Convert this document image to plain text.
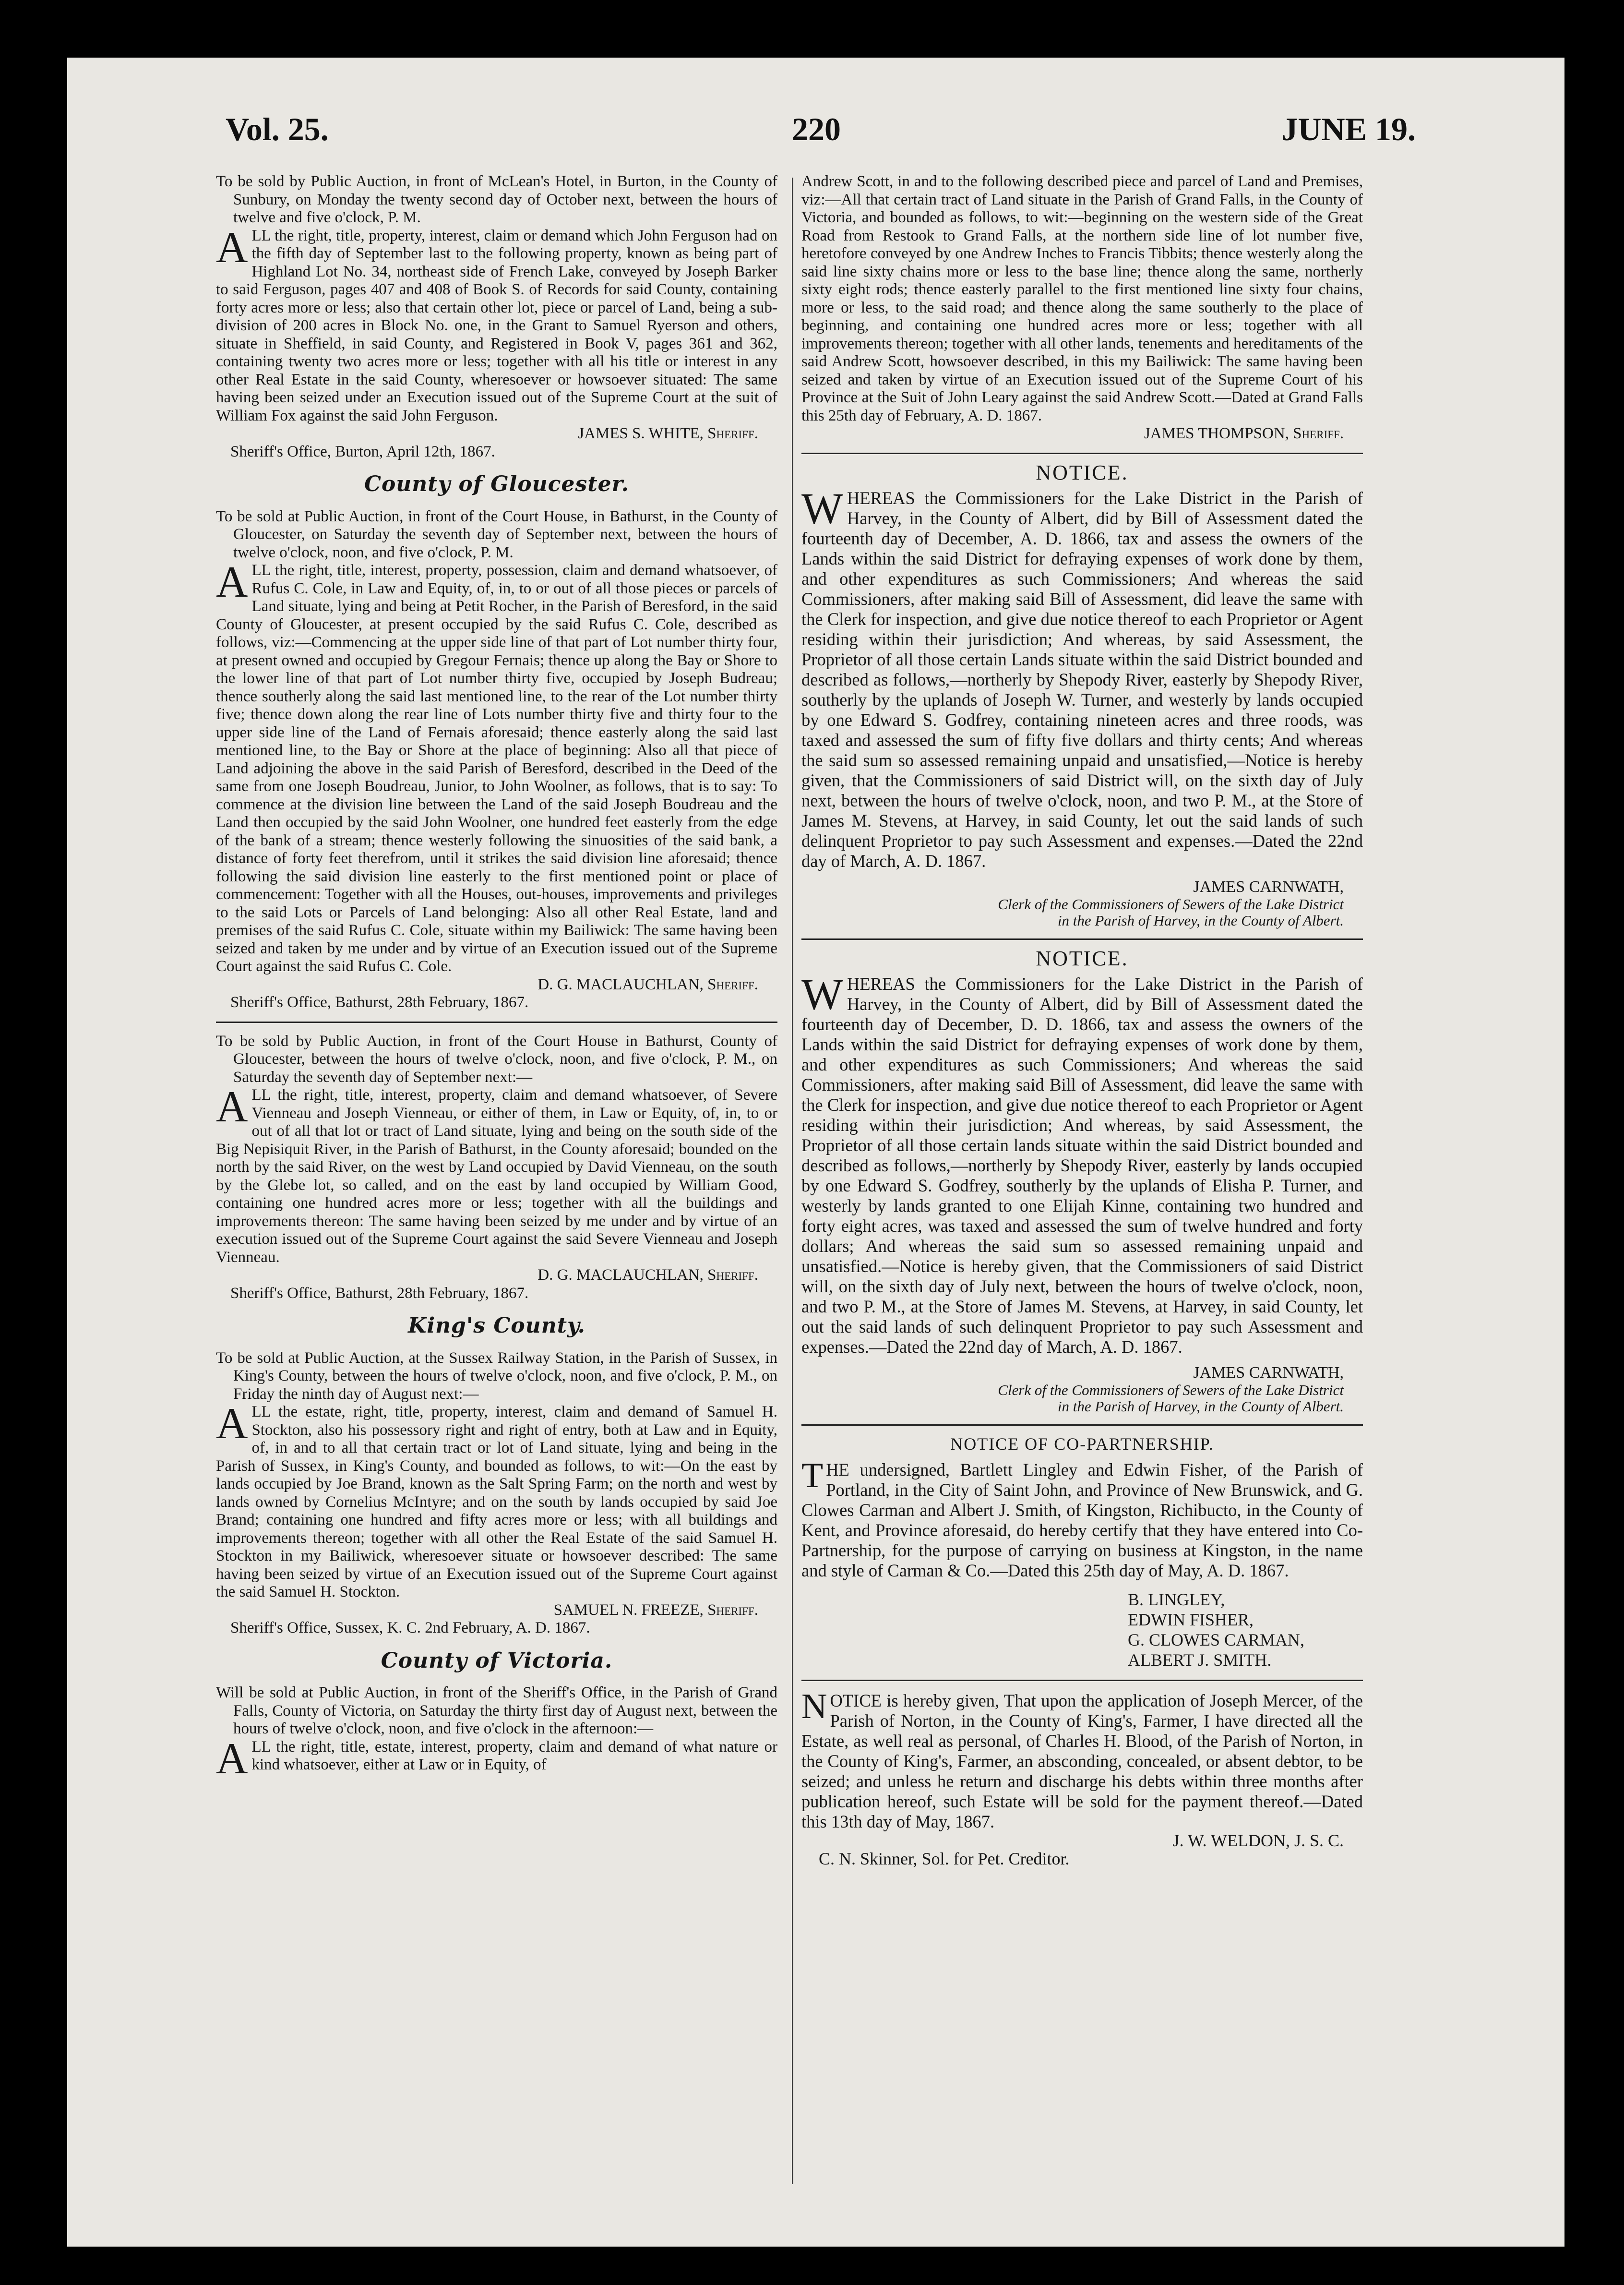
Vol. 25.	220	JUNE 19.

To be sold by Public Auction, in front of McLean's Hotel, in Burton, in the County of Sunbury, on Monday the twenty second day of October next, between the hours of twelve and five o'clock, P. M.

ALL the right, title, property, interest, claim or demand which John Ferguson had on the fifth day of September last to the following property, known as being part of Highland Lot No. 34, northeast side of French Lake, conveyed by Joseph Barker to said Ferguson, pages 407 and 408 of Book S. of Records for said County, containing forty acres more or less; also that certain other lot, piece or parcel of Land, being a sub-division of 200 acres in Block No. one, in the Grant to Samuel Ryerson and others, situate in Sheffield, in said County, and Registered in Book V, pages 361 and 362, containing twenty two acres more or less; together with all his title or interest in any other Real Estate in the said County, wheresoever or howsoever situated: The same having been seized under an Execution issued out of the Supreme Court at the suit of William Fox against the said John Ferguson.

JAMES S. WHITE, Sheriff.

Sheriff's Office, Burton, April 12th, 1867.

County of Gloucester.

To be sold at Public Auction, in front of the Court House, in Bathurst, in the County of Gloucester, on Saturday the seventh day of September next, between the hours of twelve o'clock, noon, and five o'clock, P. M.

ALL the right, title, interest, property, possession, claim and demand whatsoever, of Rufus C. Cole, in Law and Equity, of, in, to or out of all those pieces or parcels of Land situate, lying and being at Petit Rocher, in the Parish of Beresford, in the said County of Gloucester, at present occupied by the said Rufus C. Cole, described as follows, viz:—Commencing at the upper side line of that part of Lot number thirty four, at present owned and occupied by Gregour Fernais; thence up along the Bay or Shore to the lower line of that part of Lot number thirty five, occupied by Joseph Budreau; thence southerly along the said last mentioned line, to the rear of the Lot number thirty five; thence down along the rear line of Lots number thirty five and thirty four to the upper side line of the Land of Fernais aforesaid; thence easterly along the said last mentioned line, to the Bay or Shore at the place of beginning: Also all that piece of Land adjoining the above in the said Parish of Beresford, described in the Deed of the same from one Joseph Boudreau, Junior, to John Woolner, as follows, that is to say: To commence at the division line between the Land of the said Joseph Boudreau and the Land then occupied by the said John Woolner, one hundred feet easterly from the edge of the bank of a stream; thence westerly following the sinuosities of the said bank, a distance of forty feet therefrom, until it strikes the said division line aforesaid; thence following the said division line easterly to the first mentioned point or place of commencement: Together with all the Houses, out-houses, improvements and privileges to the said Lots or Parcels of Land belonging: Also all other Real Estate, land and premises of the said Rufus C. Cole, situate within my Bailiwick: The same having been seized and taken by me under and by virtue of an Execution issued out of the Supreme Court against the said Rufus C. Cole.

D. G. MACLAUCHLAN, Sheriff.

Sheriff's Office, Bathurst, 28th February, 1867.

To be sold by Public Auction, in front of the Court House in Bathurst, County of Gloucester, between the hours of twelve o'clock, noon, and five o'clock, P. M., on Saturday the seventh day of September next:—

ALL the right, title, interest, property, claim and demand whatsoever, of Severe Vienneau and Joseph Vienneau, or either of them, in Law or Equity, of, in, to or out of all that lot or tract of Land situate, lying and being on the south side of the Big Nepisiquit River, in the Parish of Bathurst, in the County aforesaid; bounded on the north by the said River, on the west by Land occupied by David Vienneau, on the south by the Glebe lot, so called, and on the east by land occupied by William Good, containing one hundred acres more or less; together with all the buildings and improvements thereon: The same having been seized by me under and by virtue of an execution issued out of the Supreme Court against the said Severe Vienneau and Joseph Vienneau.

D. G. MACLAUCHLAN, Sheriff.

Sheriff's Office, Bathurst, 28th February, 1867.

King's County.

To be sold at Public Auction, at the Sussex Railway Station, in the Parish of Sussex, in King's County, between the hours of twelve o'clock, noon, and five o'clock, P. M., on Friday the ninth day of August next:—

ALL the estate, right, title, property, interest, claim and demand of Samuel H. Stockton, also his possessory right and right of entry, both at Law and in Equity, of, in and to all that certain tract or lot of Land situate, lying and being in the Parish of Sussex, in King's County, and bounded as follows, to wit:—On the east by lands occupied by Joe Brand, known as the Salt Spring Farm; on the north and west by lands owned by Cornelius McIntyre; and on the south by lands occupied by said Joe Brand; containing one hundred and fifty acres more or less; with all buildings and improvements thereon; together with all other the Real Estate of the said Samuel H. Stockton in my Bailiwick, wheresoever situate or howsoever described: The same having been seized by virtue of an Execution issued out of the Supreme Court against the said Samuel H. Stockton.

SAMUEL N. FREEZE, Sheriff.

Sheriff's Office, Sussex, K. C. 2nd February, A. D. 1867.

County of Victoria.

Will be sold at Public Auction, in front of the Sheriff's Office, in the Parish of Grand Falls, County of Victoria, on Saturday the thirty first day of August next, between the hours of twelve o'clock, noon, and five o'clock in the afternoon:—

ALL the right, title, estate, interest, property, claim and demand of what nature or kind whatsoever, either at Law or in Equity, of

Andrew Scott, in and to the following described piece and parcel of Land and Premises, viz:—All that certain tract of Land situate in the Parish of Grand Falls, in the County of Victoria, and bounded as follows, to wit:—beginning on the western side of the Great Road from Restook to Grand Falls, at the northern side line of lot number five, heretofore conveyed by one Andrew Inches to Francis Tibbits; thence westerly along the said line sixty chains more or less to the base line; thence along the same, northerly sixty eight rods; thence easterly parallel to the first mentioned line sixty four chains, more or less, to the said road; and thence along the same southerly to the place of beginning, and containing one hundred acres more or less; together with all improvements thereon; together with all other lands, tenements and hereditaments of the said Andrew Scott, howsoever described, in this my Bailiwick: The same having been seized and taken by virtue of an Execution issued out of the Supreme Court of his Province at the Suit of John Leary against the said Andrew Scott.—Dated at Grand Falls this 25th day of February, A. D. 1867.

JAMES THOMPSON, Sheriff.

NOTICE.

WHEREAS the Commissioners for the Lake District in the Parish of Harvey, in the County of Albert, did by Bill of Assessment dated the fourteenth day of December, A. D. 1866, tax and assess the owners of the Lands within the said District for defraying expenses of work done by them, and other expenditures as such Commissioners; And whereas the said Commissioners, after making said Bill of Assessment, did leave the same with the Clerk for inspection, and give due notice thereof to each Proprietor or Agent residing within their jurisdiction; And whereas, by said Assessment, the Proprietor of all those certain Lands situate within the said District bounded and described as follows,—northerly by Shepody River, easterly by Shepody River, southerly by the uplands of Joseph W. Turner, and westerly by lands occupied by one Edward S. Godfrey, containing nineteen acres and three roods, was taxed and assessed the sum of fifty five dollars and thirty cents; And whereas the said sum so assessed remaining unpaid and unsatisfied,—Notice is hereby given, that the Commissioners of said District will, on the sixth day of July next, between the hours of twelve o'clock, noon, and two P. M., at the Store of James M. Stevens, at Harvey, in said County, let out the said lands of such delinquent Proprietor to pay such Assessment and expenses.—Dated the 22nd day of March, A. D. 1867.

JAMES CARNWATH,

Clerk of the Commissioners of Sewers of the Lake District

in the Parish of Harvey, in the County of Albert.

NOTICE.

WHEREAS the Commissioners for the Lake District in the Parish of Harvey, in the County of Albert, did by Bill of Assessment dated the fourteenth day of December, D. D. 1866, tax and assess the owners of the Lands within the said District for defraying expenses of work done by them, and other expenditures as such Commissioners; And whereas the said Commissioners, after making said Bill of Assessment, did leave the same with the Clerk for inspection, and give due notice thereof to each Proprietor or Agent residing within their jurisdiction; And whereas, by said Assessment, the Proprietor of all those certain lands situate within the said District bounded and described as follows,—northerly by Shepody River, easterly by lands occupied by one Edward S. Godfrey, southerly by the uplands of Elisha P. Turner, and westerly by lands granted to one Elijah Kinne, containing two hundred and forty eight acres, was taxed and assessed the sum of twelve hundred and forty dollars; And whereas the said sum so assessed remaining unpaid and unsatisfied.—Notice is hereby given, that the Commissioners of said District will, on the sixth day of July next, between the hours of twelve o'clock, noon, and two P. M., at the Store of James M. Stevens, at Harvey, in said County, let out the said lands of such delinquent Proprietor to pay such Assessment and expenses.—Dated the 22nd day of March, A. D. 1867.

JAMES CARNWATH,

Clerk of the Commissioners of Sewers of the Lake District

in the Parish of Harvey, in the County of Albert.

NOTICE OF CO-PARTNERSHIP.

THE undersigned, Bartlett Lingley and Edwin Fisher, of the Parish of Portland, in the City of Saint John, and Province of New Brunswick, and G. Clowes Carman and Albert J. Smith, of Kingston, Richibucto, in the County of Kent, and Province aforesaid, do hereby certify that they have entered into Co-Partnership, for the purpose of carrying on business at Kingston, in the name and style of Carman & Co.—Dated this 25th day of May, A. D. 1867.

B. LINGLEY,
EDWIN FISHER,
G. CLOWES CARMAN,
ALBERT J. SMITH.

NOTICE is hereby given, That upon the application of Joseph Mercer, of the Parish of Norton, in the County of King's, Farmer, I have directed all the Estate, as well real as personal, of Charles H. Blood, of the Parish of Norton, in the County of King's, Farmer, an absconding, concealed, or absent debtor, to be seized; and unless he return and discharge his debts within three months after publication hereof, such Estate will be sold for the payment thereof.—Dated this 13th day of May, 1867.

J. W. WELDON, J. S. C.

C. N. Skinner, Sol. for Pet. Creditor.
